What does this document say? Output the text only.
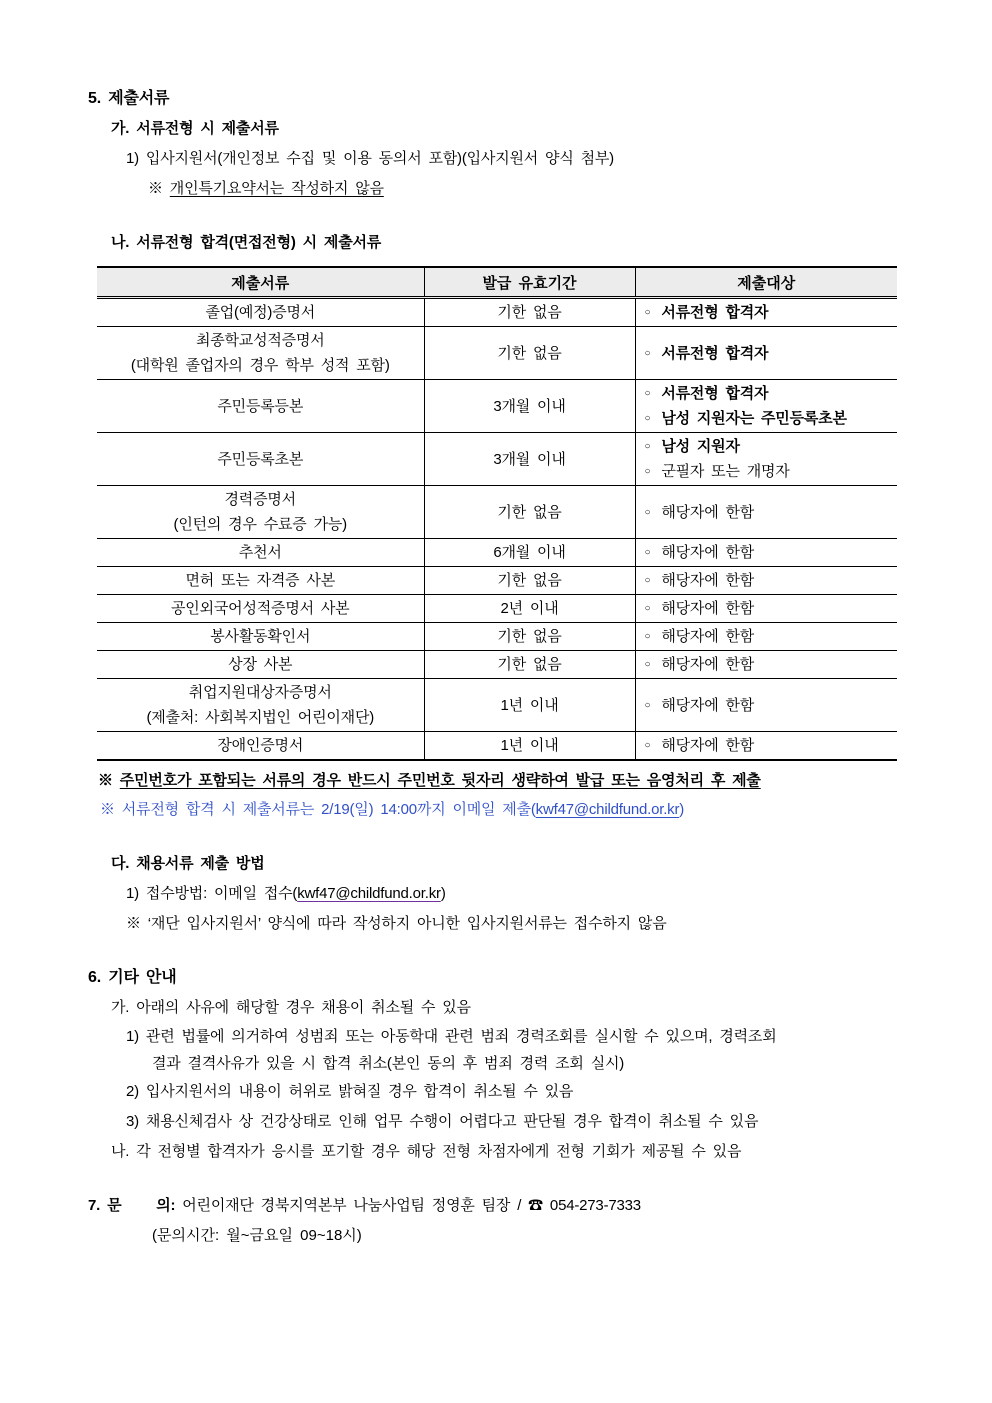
5. 제출서류
가. 서류전형 시 제출서류
1) 입사지원서(개인정보 수집 및 이용 동의서 포함)(입사지원서 양식 첨부)
※ 개인특기요약서는 작성하지 않음
나. 서류전형 합격(면접전형) 시 제출서류
제출서류	발급 유효기간	제출대상

졸업(예정)증명서	기한 없음	○ 서류전형 합격자

최종학교성적증명서
(대학원 졸업자의 경우 학부 성적 포함)
	기한 없음	○ 서류전형 합격자

주민등록등본	3개월 이내	○ 서류전형 합격자
○ 남성 지원자는 주민등록초본

주민등록초본	3개월 이내	○ 남성 지원자
○ 군필자 또는 개명자

경력증명서
(인턴의 경우 수료증 가능)
	기한 없음	○ 해당자에 한함

추천서	6개월 이내	○ 해당자에 한함

면허 또는 자격증 사본	기한 없음	○ 해당자에 한함

공인외국어성적증명서 사본	2년 이내	○ 해당자에 한함

봉사활동확인서	기한 없음	○ 해당자에 한함

상장 사본	기한 없음	○ 해당자에 한함

취업지원대상자증명서
(제출처: 사회복지법인 어린이재단)
	1년 이내	○ 해당자에 한함

장애인증명서	1년 이내	○ 해당자에 한함
※ 주민번호가 포함되는 서류의 경우 반드시 주민번호 뒷자리 생략하여 발급 또는 음영처리 후 제출
※ 서류전형 합격 시 제출서류는 2/19(일) 14:00까지 이메일 제출(kwf47@childfund.or.kr)
다. 채용서류 제출 방법
1) 접수방법: 이메일 접수(kwf47@childfund.or.kr)
※ ‘재단 입사지원서’ 양식에 따라 작성하지 아니한 입사지원서류는 접수하지 않음
6. 기타 안내
가. 아래의 사유에 해당할 경우 채용이 취소될 수 있음
1) 관련 법률에 의거하여 성범죄 또는 아동학대 관련 범죄 경력조회를 실시할 수 있으며, 경력조회
결과 결격사유가 있을 시 합격 취소(본인 동의 후 범죄 경력 조회 실시)
2) 입사지원서의 내용이 허위로 밝혀질 경우 합격이 취소될 수 있음
3) 채용신체검사 상 건강상태로 인해 업무 수행이 어렵다고 판단될 경우 합격이 취소될 수 있음
나. 각 전형별 합격자가 응시를 포기할 경우 해당 전형 차점자에게 전형 기회가 제공될 수 있음
7. 문     의: 어린이재단 경북지역본부 나눔사업팀 정영훈 팀장 / ☎ 054-273-7333
(문의시간: 월~금요일 09~18시)
